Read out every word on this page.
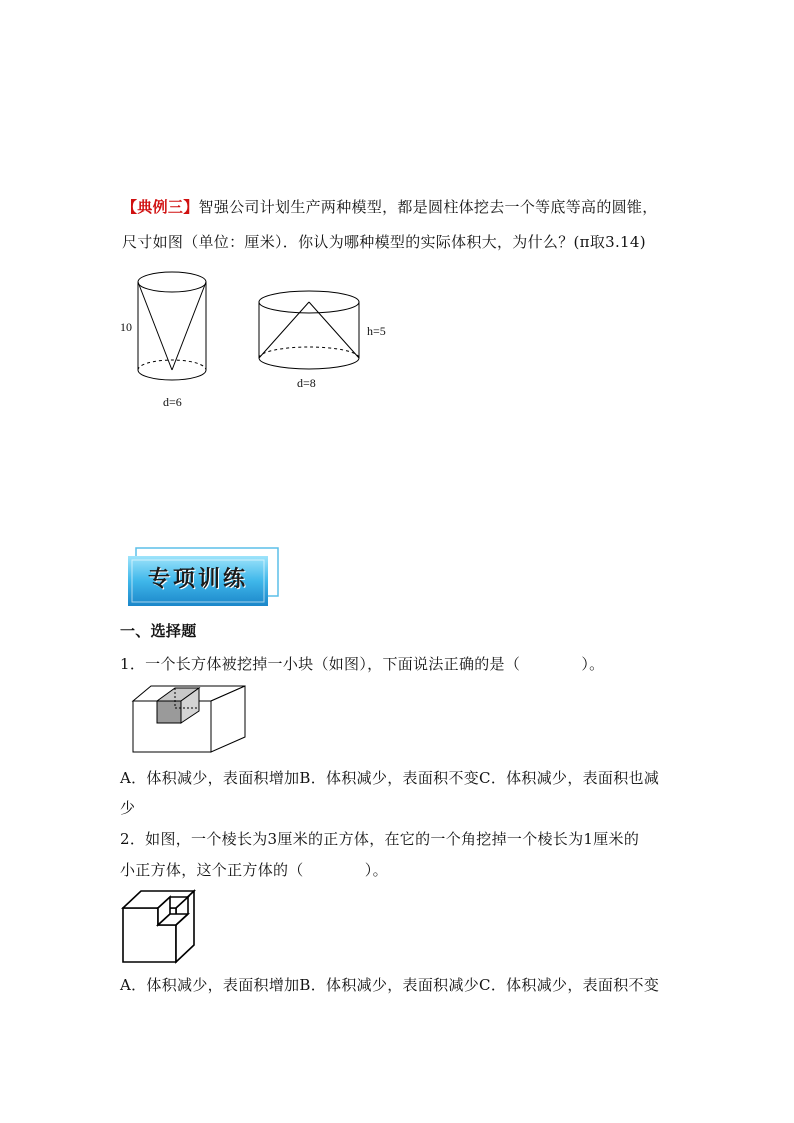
【典例三】智强公司计划生产两种模型，都是圆柱体挖去一个等底等高的圆锥，
尺寸如图（单位：厘米）．你认为哪种模型的实际体积大，为什么？(π取3.14)
10
d=6
h=5
d=8
专项训练
一、选择题
1．一个长方体被挖掉一小块（如图），下面说法正确的是（　　　　）。
A．体积减少，表面积增加B．体积减少，表面积不变C．体积减少，表面积也减
少
2．如图，一个棱长为3厘米的正方体，在它的一个角挖掉一个棱长为1厘米的
小正方体，这个正方体的（　　　　）。
A．体积减少，表面积增加B．体积减少，表面积减少C．体积减少，表面积不变
